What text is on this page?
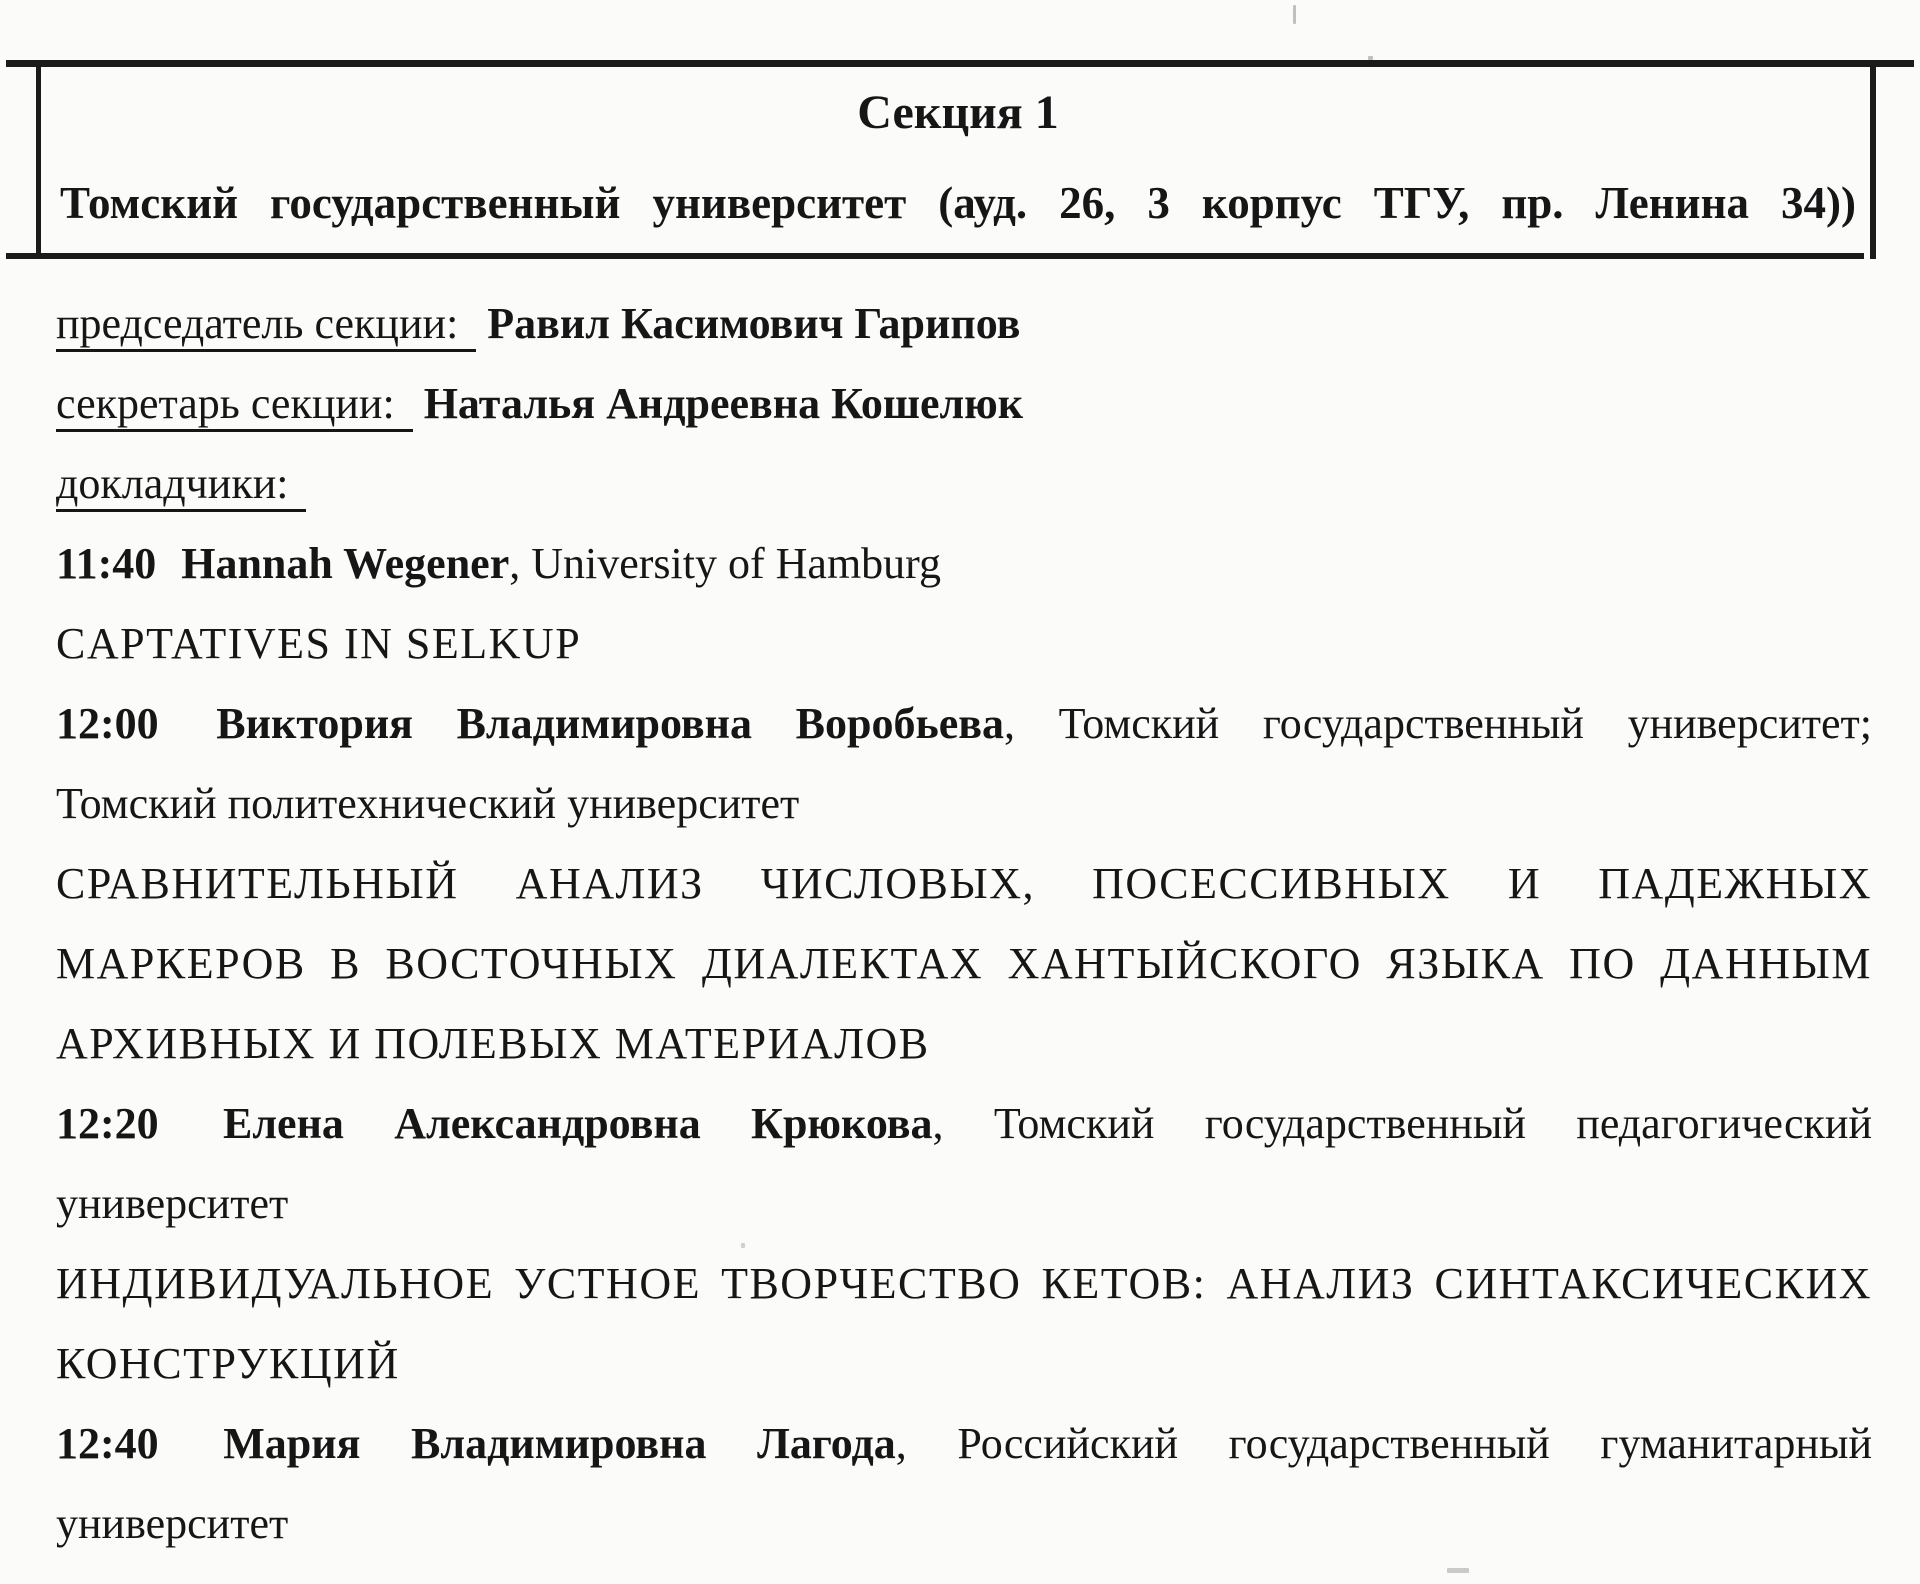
Секция 1
Томский государственный университет (ауд. 26, 3 корпус ТГУ, пр. Ленина 34))
председатель секции: Равил Касимович Гарипов
секретарь секции: Наталья Андреевна Кошелюк
докладчики:
11:40 Hannah Wegener, University of Hamburg
CAPTATIVES IN SELKUP
12:00 Виктория Владимировна Воробьева, Томский государственный университет;
Томский политехнический университет
СРАВНИТЕЛЬНЫЙ АНАЛИЗ ЧИСЛОВЫХ, ПОСЕССИВНЫХ И ПАДЕЖНЫХ
МАРКЕРОВ В ВОСТОЧНЫХ ДИАЛЕКТАХ ХАНТЫЙСКОГО ЯЗЫКА ПО ДАННЫМ
АРХИВНЫХ И ПОЛЕВЫХ МАТЕРИАЛОВ
12:20 Елена Александровна Крюкова, Томский государственный педагогический
университет
ИНДИВИДУАЛЬНОЕ УСТНОЕ ТВОРЧЕСТВО КЕТОВ: АНАЛИЗ СИНТАКСИЧЕСКИХ
КОНСТРУКЦИЙ
12:40 Мария Владимировна Лагода, Российский государственный гуманитарный
университет
